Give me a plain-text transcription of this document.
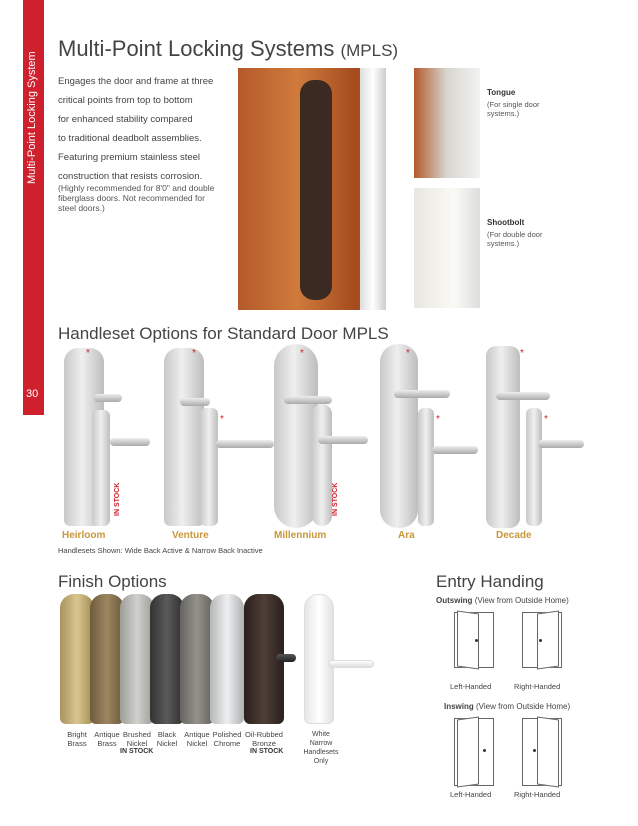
Multi-Point Locking System
30
Multi-Point Locking Systems (MPLS)
Engages the door and frame at three
critical points from top to bottom
for enhanced stability compared
to traditional deadbolt assemblies.
Featuring premium stainless steel
construction that resists corrosion.
(Highly recommended for 8'0" and double fiberglass doors. Not recommended for steel doors.)
Tongue
(For single door systems.)
Shootbolt
(For double door systems.)
Handleset Options for Standard Door MPLS
*
IN STOCK
*
*
*
IN STOCK
*
*
*
*
Heirloom	Venture	Millennium	Ara	Decade
Handlesets Shown: Wide Back Active & Narrow Back Inactive
Finish Options
Bright
Brass
Antique
Brass
Brushed
Nickel
IN STOCK
Black
Nickel
Antique
Nickel
Polished
Chrome
Oil-Rubbed
Bronze
IN STOCK
White
Narrow
Handlesets
Only
Entry Handing
Outswing (View from Outside Home)
Left-Handed	Right-Handed
Inswing (View from Outside Home)
Left-Handed	Right-Handed
